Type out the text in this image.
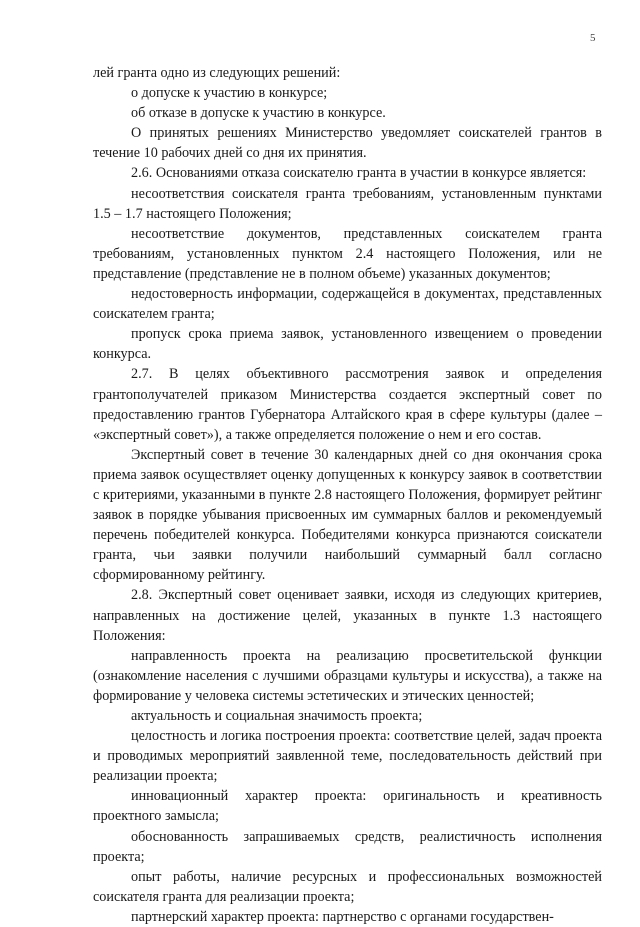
5

лей гранта одно из следующих решений:

о допуске к участию в конкурсе;

об отказе в допуске к участию в конкурсе.

О принятых решениях Министерство уведомляет соискателей грантов в течение 10 рабочих дней со дня их принятия.

2.6. Основаниями отказа соискателю гранта в участии в конкурсе является:

несоответствия соискателя гранта требованиям, установленным пунктами 1.5 – 1.7 настоящего Положения;

несоответствие документов, представленных соискателем гранта требованиям, установленных пунктом 2.4 настоящего Положения, или не представление (представление не в полном объеме) указанных документов;

недостоверность информации, содержащейся в документах, представленных соискателем гранта;

пропуск срока приема заявок, установленного извещением о проведении конкурса.

2.7. В целях объективного рассмотрения заявок и определения грантополучателей приказом Министерства создается экспертный совет по предоставлению грантов Губернатора Алтайского края в сфере культуры (далее – «экспертный совет»), а также определяется положение о нем и его состав.

Экспертный совет в течение 30 календарных дней со дня окончания срока приема заявок осуществляет оценку допущенных к конкурсу заявок в соответствии с критериями, указанными в пункте 2.8 настоящего Положения, формирует рейтинг заявок в порядке убывания присвоенных им суммарных баллов и рекомендуемый перечень победителей конкурса. Победителями конкурса признаются соискатели гранта, чьи заявки получили наибольший суммарный балл согласно сформированному рейтингу.

2.8. Экспертный совет оценивает заявки, исходя из следующих критериев, направленных на достижение целей, указанных в пункте 1.3 настоящего Положения:

направленность проекта на реализацию просветительской функции (ознакомление населения с лучшими образцами культуры и искусства), а также на формирование у человека системы эстетических и этических ценностей;

актуальность и социальная значимость проекта;

целостность и логика построения проекта: соответствие целей, задач проекта и проводимых мероприятий заявленной теме, последовательность действий при реализации проекта;

инновационный характер проекта: оригинальность и креативность проектного замысла;

обоснованность запрашиваемых средств, реалистичность исполнения проекта;

опыт работы, наличие ресурсных и профессиональных возможностей соискателя гранта для реализации проекта;

партнерский характер проекта: партнерство с органами государствен-
